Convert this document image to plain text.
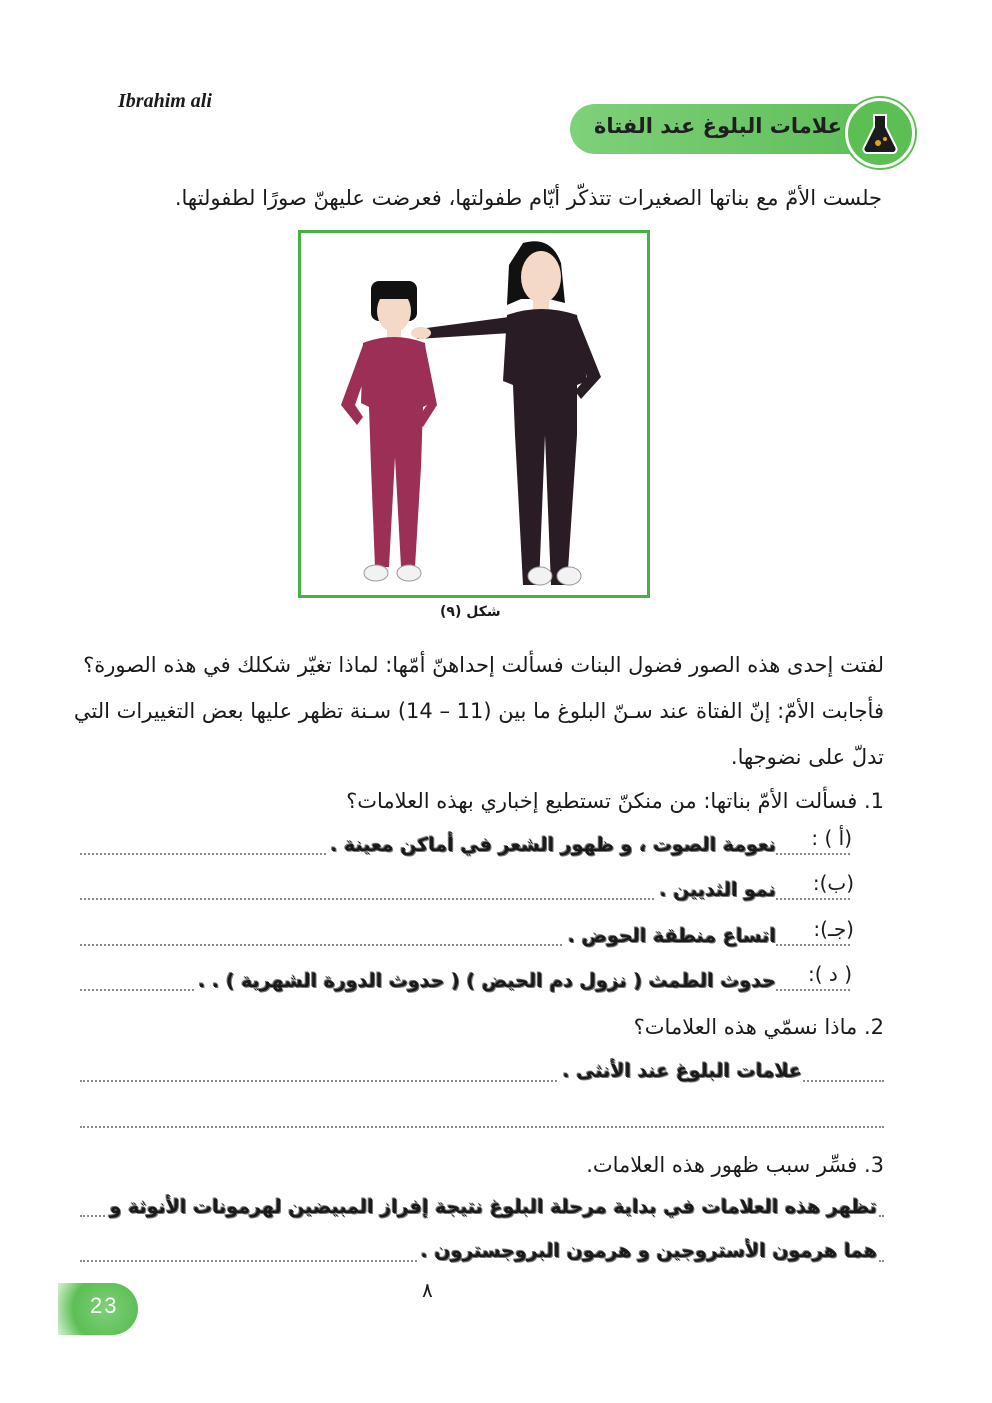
Ibrahim ali
علامات البلوغ عند الفتاة
جلست الأمّ مع بناتها الصغيرات تتذكّر أيّام طفولتها، فعرضت عليهنّ صورًا لطفولتها.
شكل (٩)
لفتت إحدى هذه الصور فضول البنات فسألت إحداهنّ أمّها: لماذا تغيّر شكلك في هذه الصورة؟
فأجابت الأمّ: إنّ الفتاة عند سـنّ البلوغ ما بين (11 – 14) سـنة تظهر عليها بعض التغييرات التي
تدلّ على نضوجها.
1. فسألت الأمّ بناتها: من منكنّ تستطيع إخباري بهذه العلامات؟
(أ ) :
نعومة الصوت ، و ظهور الشعر في أماكن معينة .
(ب):
نمو الثديين .
(جـ):
اتساع منطقة الحوض .
( د ):
حدوث الطمث ( نزول دم الحيض ) ( حدوث الدورة الشهرية ) . .
2. ماذا نسمّي هذه العلامات؟
علامات البلوغ عند الأنثى .
3. فسِّر سبب ظهور هذه العلامات.
تظهر هذه العلامات في بداية مرحلة البلوغ نتيجة إفراز المبيضين لهرمونات الأنوثة و
هما هرمون الأستروجين و هرمون البروجسترون .
23
٨
